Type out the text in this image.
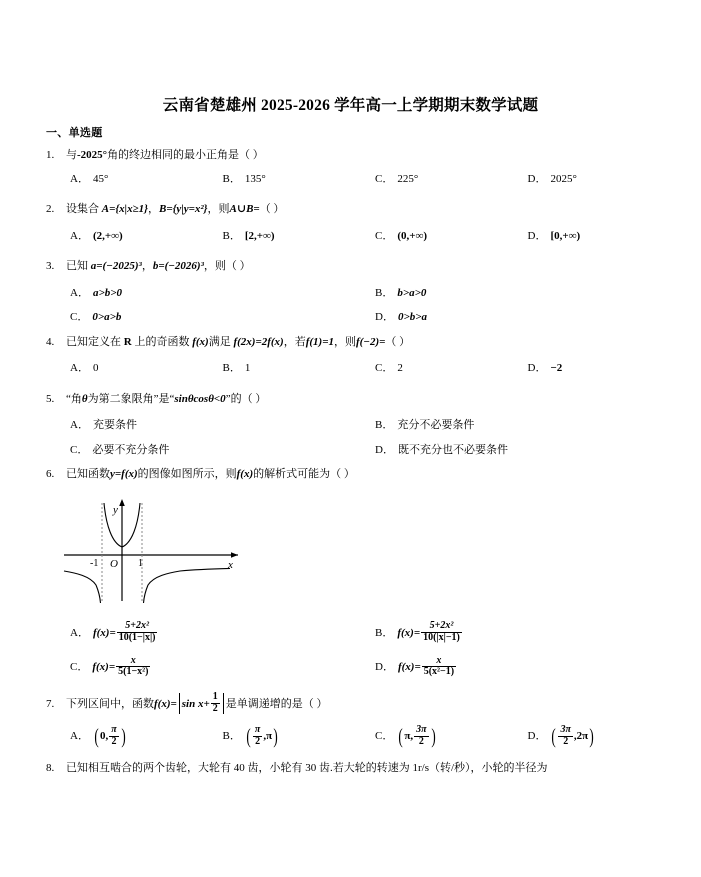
云南省楚雄州 2025-2026 学年高一上学期期末数学试题
一、单选题
1.	与-2025°角的终边相同的最小正角是（ ）
A． 45°	B． 135°	C． 225°	D． 2025°
2.	设集合 A={x|x≥1}，B={y|y=x²}，则A∪B=（ ）
A． (2,+∞)	B． [2,+∞)	C． (0,+∞)	D． [0,+∞)
3.	已知 a=(−2025)³，b=(−2026)³，则（ ）
A． a>b>0	B． b>a>0
C． 0>a>b	D． 0>b>a
4.	已知定义在 R 上的奇函数 f(x)满足 f(2x)=2f(x)，若f(1)=1，则f(−2)=（ ）
A． 0	B． 1	C． 2	D． −2
5.	“角θ为第二象限角”是“sinθcosθ<0”的（ ）
A． 充要条件	B． 充分不必要条件
C． 必要不充分条件	D． 既不充分也不必要条件
6.	已知函数y=f(x)的图像如图所示，则f(x)的解析式可能为（ ）
y
x
-1 O 1
A． $f(x)= \frac{\text{5+2x²}}{10(1-|x|)}$	B． $f(x)= \frac{\text{5+2x²}}{10(|x|-1)}$
C． $f(x)= \frac{x}{\text{5(1−x²)}}$	D． $f(x)= \frac{x}{\text{5(x²−1)}}$
7.	下列区间中，函数$f(x)= \sin x+ \frac{1}{2}$ 是单调递增的是（ ）
A． ( 0, $\frac{\pi}{2}$ )	B． ( $\frac{\pi}{2} ,\pi$ )	C． ( π, $\frac{3\pi}{2}$ )	D． ( $\frac{3\pi}{2} ,2\pi$ )
8.	已知相互啮合的两个齿轮，大轮有 40 齿，小轮有 30 齿.若大轮的转速为 1r/s（转/秒），小轮的半径为
